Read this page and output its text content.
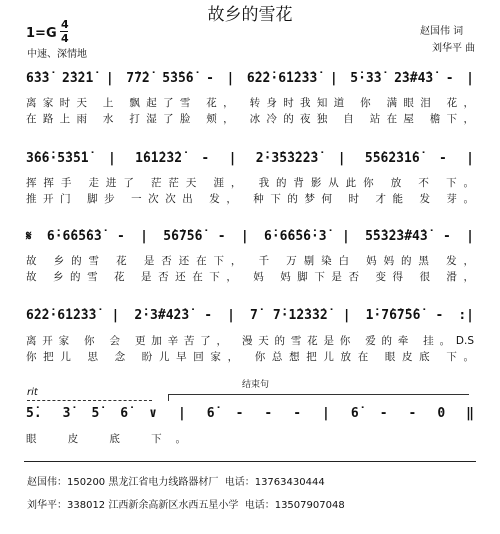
故乡的雪花
1=G
4
4
中速、深情地
赵国伟 词
刘华平 曲
6̇3̇3̇ 2̇3̇2̇1̇ | 7̇7̇2̇ 5̇3̇5̇6̇ - | 6̇2̇2̇·6̇1̇2̇3̇3̇ | 5̇·3̇3̇ 2̇3̇#4̇3̇ - |
离家时天 上 飘起了雪 花， 转身时我知道 你 满眼泪 花，
在路上雨 水 打湿了脸 颊， 冰冷的夜独 自 站在屋 檐下，
3̇6̇6̇·5̇3̇5̇1̇ | 1̇6̇1̇2̇3̇2̇ - | 2̇·3̇5̇3̇2̇2̇3̇ | 5̇5̇6̇2̇3̇1̇6̇ - |
挥挥手 走进了 茫茫天 涯， 我的背影从此你 放 不 下。
推开门 脚步 一次次出 发， 种下的梦何 时 才能 发 芽。
𝄋 6̇·6̇6̇5̇6̇3̇ - | 5̇6̇7̇5̇6̇ - | 6̇·6̇6̇5̇6̇·3̇ | 5̇5̇3̇2̇3̇#4̇3̇ - |
故 乡的雪 花 是否还在下， 千 万剔染白 妈妈的黑 发，
故 乡的雪 花 是否还在下， 妈 妈脚下是否 变得 很 滑，
6̇2̇2̇·6̇1̇2̇3̇3̇ | 2̇·3̇#4̇2̇3̇ - | 7̇ 7̇·1̇2̇3̇3̇2̇ | 1̇·7̇6̇7̇5̇6̇ - :|
离开家 你 会 更加辛苦了， 漫天的雪花是你 爱的牵 挂。D.S
你把儿 思 念 盼儿早回家， 你总想把儿放在 眼皮底 下。
rit
结束句
5̇. 3̇ 5̇ 6̇ ∨ | 6̇ - - - | 6̇ - - 0 ‖
眼 皮 底 下。
赵国伟：150200 黑龙江省电力线路器材厂  电话：13763430444
刘华平：338012 江西新余高新区水西五星小学  电话：13507907048
